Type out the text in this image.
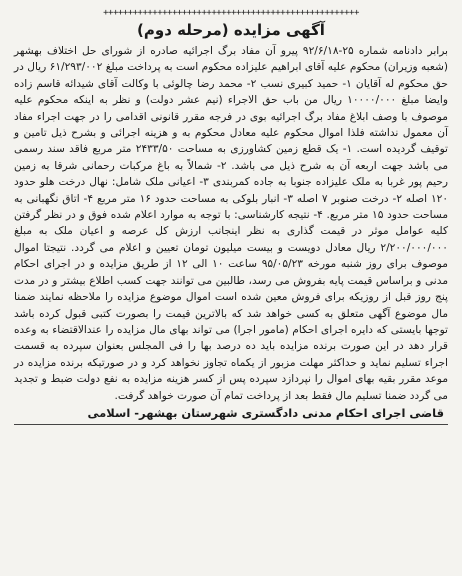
++++++++++++++++++++++++++++++++++++++++++++++++++++
آگهی مزایده (مرحله دوم)

برابر دادنامه شماره ۲۵-۹۲/۶/۱۸ پیرو آن مفاد برگ اجرائیه صادره از شورای حل اختلاف بهشهر (شعبه وزیران) محکوم علیه آقای ابراهیم علیزاده محکوم است به پرداخت مبلغ ۶۱/۲۹۳/۰۰۲ ریال در حق محکوم له آقایان ۱- حمید کبیری نسب ۲- محمد رضا چالوئی با وکالت آقای شیدائه قاسم زاده وایضا مبلغ ۱۰۰۰۰/۰۰۰ ریال من باب حق الاجراء (نیم عشر دولت) و نظر به اینکه محکوم علیه موصوف با وصف ابلاغ مفاد برگ اجرائیه بوی در فرجه مقرر قانونی اقدامی را در جهت اجراء مفاد آن معمول نداشته فلذا اموال محکوم علیه معادل محکوم به و هزینه اجرائی و بشرح ذیل تامین و توقیف گردیده است. ۱- یک قطع زمین کشاورزی به مساحت ۲۴۳۳/۵۰ متر مربع فاقد سند رسمی می باشد جهت اربعه آن به شرح ذیل می باشد. ۲- شمالاً به باغ مرکبات رحمانی شرقا به زمین رحیم پور غربا به ملک علیزاده جنوبا به جاده کمربندی ۳- اعیانی ملک شامل: نهال درخت هلو حدود ۱۲۰ اصله ۲- درخت صنوبر ۷ اصله ۳- انبار بلوکی به مساحت حدود ۱۶ متر مربع ۴- اتاق نگهبانی به مساحت حدود ۱۵ متر مربع. ۴- نتیجه کارشناسی: با توجه به موارد اعلام شده فوق و در نظر گرفتن کلیه عوامل موثر در قیمت گذاری به نظر اینجانب ارزش کل عرصه و اعیان ملک به مبلغ ۲/۲۰۰/۰۰۰/۰۰۰ ریال معادل دویست و بیست میلیون تومان تعیین و اعلام می گردد. نتیجتا اموال موصوف برای روز شنبه مورخه ۹۵/۰۵/۲۳ ساعت ۱۰ الی ۱۲ از طریق مزایده و در اجرای احکام مدنی و براساس قیمت پایه بفروش می رسد، طالبین می توانند جهت کسب اطلاع بیشتر و در مدت پنج روز قبل از روزیکه برای فروش معین شده است اموال موضوع مزایده را ملاحظه نمایند ضمنا مال موضوع آگهی متعلق به کسی خواهد شد که بالاترین قیمت را بصورت کتبی قبول کرده باشد توجها بایستی که دایره اجرای احکام (مامور اجرا) می تواند بهای مال مزایده را عندالاقتضاء به وعده قرار دهد در این صورت برنده مزایده باید ده درصد بها را فی المجلس بعنوان سپرده به قسمت اجراء تسلیم نماید و حداکثر مهلت مزبور از یکماه تجاوز نخواهد کرد و در صورتیکه برنده مزایده در موعد مقرر بقیه بهای اموال را نپردازد سپرده پس از کسر هزینه مزایده به نفع دولت ضبط و تجدید می گردد ضمنا تسلیم مال فقط بعد از پرداخت تمام آن صورت خواهد گرفت.

قاضی اجرای احکام مدنی دادگستری شهرستان بهشهر- اسلامی
